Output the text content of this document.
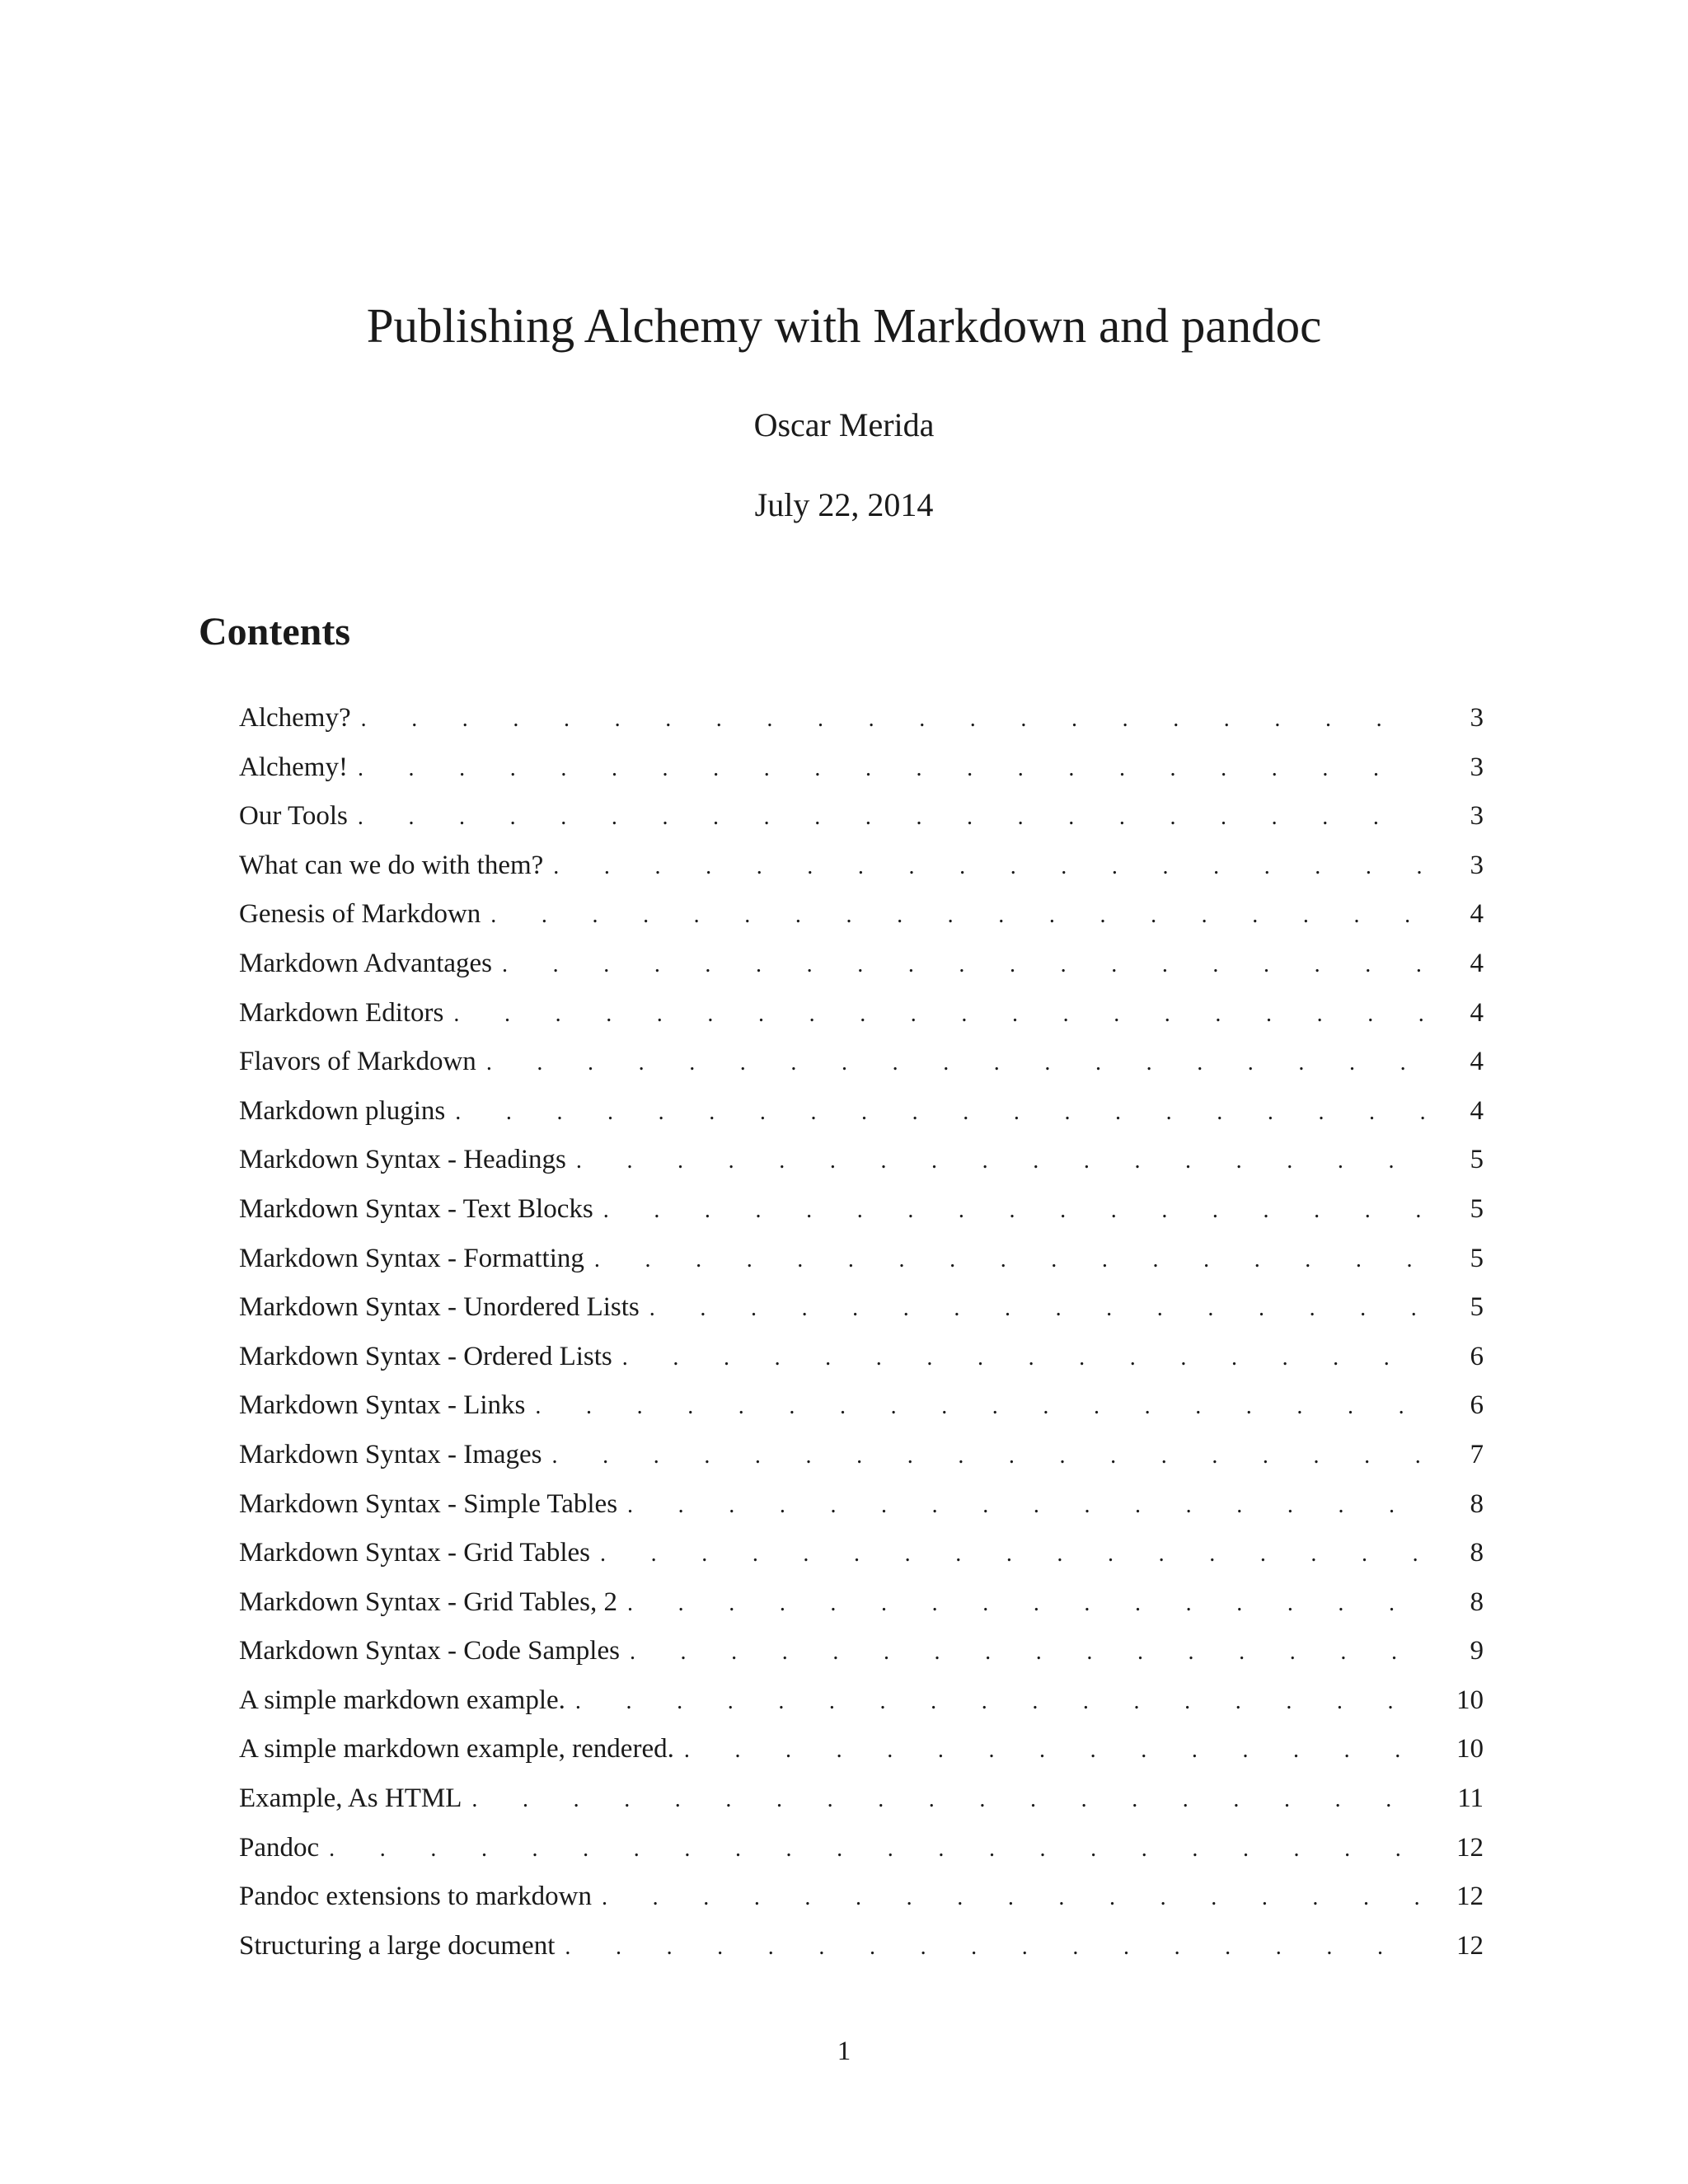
Publishing Alchemy with Markdown and pandoc
Oscar Merida
July 22, 2014
Contents
Alchemy? . . .	3
Alchemy! . . .	3
Our Tools . . .	3
What can we do with them? . . .	3
Genesis of Markdown . . .	4
Markdown Advantages . . .	4
Markdown Editors . . .	4
Flavors of Markdown . . .	4
Markdown plugins . . .	4
Markdown Syntax - Headings . . .	5
Markdown Syntax - Text Blocks . . .	5
Markdown Syntax - Formatting . . .	5
Markdown Syntax - Unordered Lists . . .	5
Markdown Syntax - Ordered Lists . . .	6
Markdown Syntax - Links . . .	6
Markdown Syntax - Images . . .	7
Markdown Syntax - Simple Tables . . .	8
Markdown Syntax - Grid Tables . . .	8
Markdown Syntax - Grid Tables, 2 . . .	8
Markdown Syntax - Code Samples . . .	9
A simple markdown example. . . .	10
A simple markdown example, rendered. . . .	10
Example, As HTML . . .	11
Pandoc . . .	12
Pandoc extensions to markdown . . .	12
Structuring a large document . . .	12
1
